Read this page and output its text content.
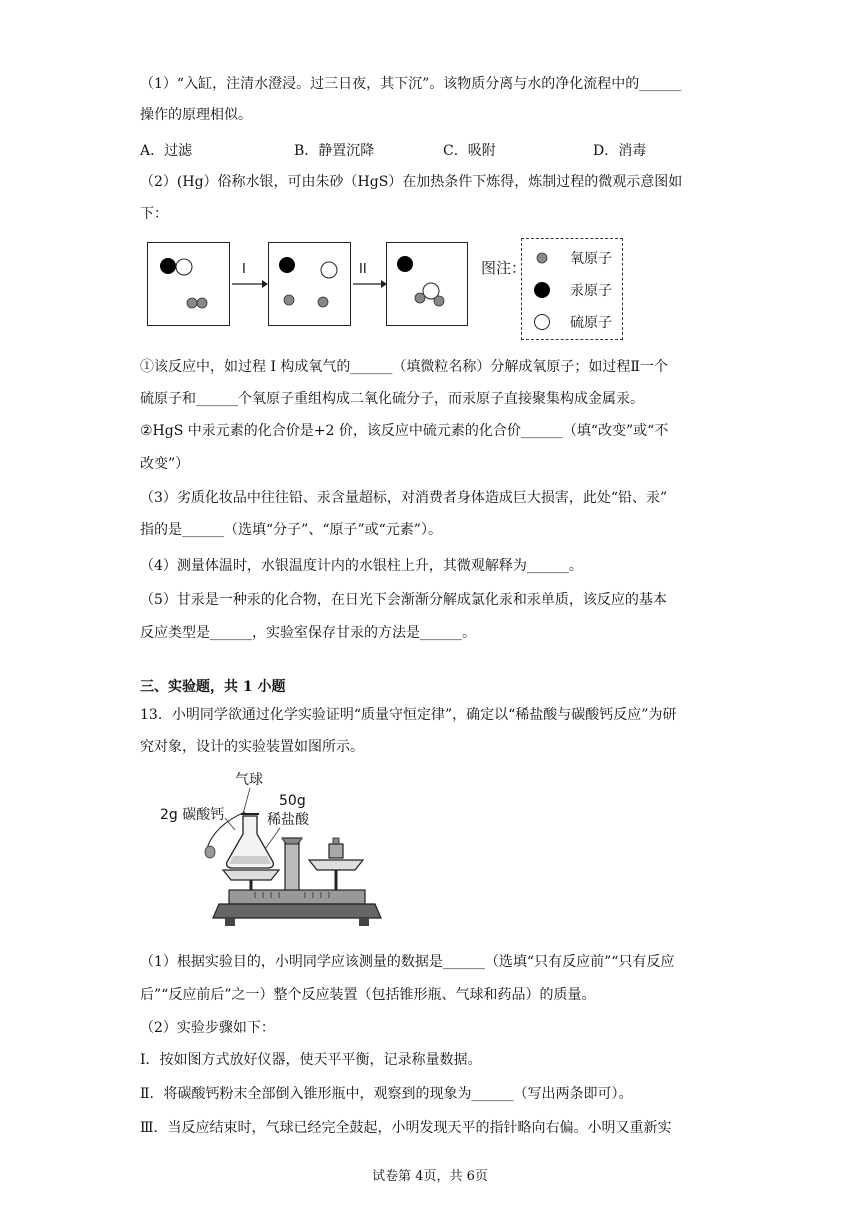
（1）“入缸，注清水澄浸。过三日夜，其下沉”。该物质分离与水的净化流程中的______
操作的原理相似。
A．过滤	B．静置沉降	C．吸附	D．消毒
（2）(Hg）俗称水银，可由朱砂（HgS）在加热条件下炼得，炼制过程的微观示意图如
下：
I	II	图注：	氧原子
汞原子
硫原子
①该反应中，如过程 I 构成氧气的______（填微粒名称）分解成氧原子；如过程Ⅱ一个
硫原子和______个氧原子重组构成二氧化硫分子，而汞原子直接聚集构成金属汞。
②HgS 中汞元素的化合价是+2 价，该反应中硫元素的化合价______（填“改变”或“不
改变”）
（3）劣质化妆品中往往铅、汞含量超标，对消费者身体造成巨大损害，此处“铅、汞”
指的是______（选填“分子”、“原子”或“元素”）。
（4）测量体温时，水银温度计内的水银柱上升，其微观解释为______。
（5）甘汞是一种汞的化合物，在日光下会渐渐分解成氯化汞和汞单质，该反应的基本
反应类型是______，实验室保存甘汞的方法是______。
三、实验题，共 1 小题
13．小明同学欲通过化学实验证明“质量守恒定律”，确定以“稀盐酸与碳酸钙反应”为研
究对象，设计的实验装置如图所示。
气球
2g 碳酸钙
50g
稀盐酸
（1）根据实验目的，小明同学应该测量的数据是______（选填“只有反应前”“只有反应
后”“反应前后”之一）整个反应装置（包括锥形瓶、气球和药品）的质量。
（2）实验步骤如下：
Ⅰ．按如图方式放好仪器，使天平平衡，记录称量数据。
Ⅱ．将碳酸钙粉末全部倒入锥形瓶中，观察到的现象为______（写出两条即可）。
Ⅲ．当反应结束时，气球已经完全鼓起，小明发现天平的指针略向右偏。小明又重新实
试卷第 4页，共 6页
